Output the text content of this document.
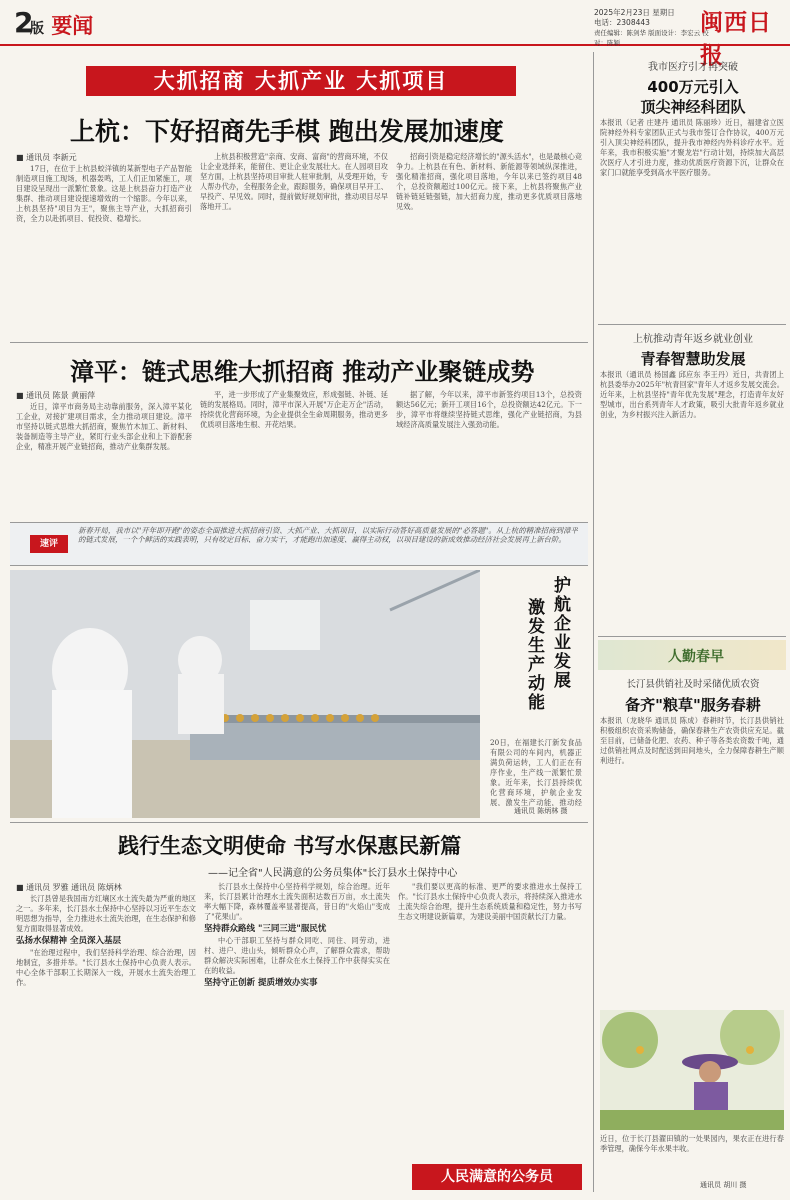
2
版 要闻
2025年2月23日 星期日
电话：2308443
责任编辑：陈剑华 版面设计：李宏云 校对：陈颖
闽西日报
大抓招商 大抓产业 大抓项目
上杭：下好招商先手棋 跑出发展加速度
■ 通讯员 李新元

17日，在位于上杭县蛟洋镇的某新型电子产品智能制造项目施工现场，机器轰鸣，工人们正加紧施工，项目建设呈现出一派繁忙景象。这是上杭县奋力打造产业集群、推动项目建设提速增效的一个缩影。今年以来，上杭县坚持"项目为王"，聚焦主导产业，大抓招商引资，全力以赴抓项目、促投资、稳增长。

上杭县积极营造"亲商、安商、富商"的营商环境，不仅让企业选择来，能留住、更让企业发展壮大。在人园项目攻坚方面，上杭县坚持项目审批人驻审批制，从受理开始，专人帮办代办，全程服务企业，跟踪服务，确保项目早开工、早投产、早见效。同时，提前做好规划审批，推动项目尽早落地开工。

招商引资是稳定经济增长的"源头活水"，也是最核心竞争力。上杭县在有色、新材料、新能源等领域纵深推进，强化精准招商，强化项目落地，今年以来已签约项目48个，总投资额超过100亿元。接下来，上杭县将聚焦产业链补链延链强链，加大招商力度，推动更多优质项目落地见效。

漳平：链式思维大抓招商 推动产业聚链成势
■ 通讯员 陈景 黄丽萍

近日，漳平市商务局主动靠前服务，深入漳平某化工企业，对接扩建项目需求，全力推动项目建设。漳平市坚持以链式思维大抓招商，聚焦竹木加工、新材料、装备制造等主导产业，紧盯行业头部企业和上下游配套企业，精准开展产业链招商，推动产业集群发展。

平，进一步形成了产业集聚效应，形成强链、补链、延链的发展格局。同时，漳平市深入开展"万企走万企"活动，持续优化营商环境，为企业提供全生命周期服务，推动更多优质项目落地生根、开花结果。

据了解，今年以来，漳平市新签约项目13个，总投资额达56亿元；新开工项目16个，总投资额达42亿元。下一步，漳平市将继续坚持链式思维，强化产业链招商，为县域经济高质量发展注入强劲动能。

速评
新春开局，我市以"开年即开跑"的姿态全面推进大抓招商引资、大抓产业、大抓项目，以实际行动答好高质量发展的"必答题"。从上杭的精准招商到漳平的链式发展，一个个鲜活的实践表明，只有咬定目标、奋力实干，才能跑出加速度、赢得主动权，以项目建设的新成效推动经济社会发展再上新台阶。
护航企业发展
激发生产动能
20日，在福建长汀新发食品有限公司的车间内，机器正满负荷运转，工人们正在有序作业，生产线一派繁忙景象。近年来，长汀县持续优化营商环境，护航企业发展，激发生产动能，推动经
通讯员 陈炳林 摄
践行生态文明使命 书写水保惠民新篇
——记全省"人民满意的公务员集体"长汀县水土保持中心
■ 通讯员 罗雅 通讯员 陈炳林

长汀县曾是我国南方红壤区水土流失最为严重的地区之一。多年来，长汀县水土保持中心坚持以习近平生态文明思想为指导，全力推进水土流失治理，在生态保护和修复方面取得显著成效。

弘扬水保精神 全员深入基层

"在治理过程中，我们坚持科学治理、综合治理，因地制宜，多措并举。"长汀县水土保持中心负责人表示。中心全体干部职工长期深入一线，开展水土流失治理工作。

长汀县水土保持中心坚持科学规划，综合治理。近年来，长汀县累计治理水土流失面积达数百万亩，水土流失率大幅下降，森林覆盖率显著提高，昔日的"火焰山"变成了"花果山"。

坚持群众路线 "三同三进"服民忧

中心干部职工坚持与群众同吃、同住、同劳动，进村、进户、进山头，倾听群众心声，了解群众需求，帮助群众解决实际困难，让群众在水土保持工作中获得实实在在的收益。

坚持守正创新 提质增效办实事

"我们要以更高的标准、更严的要求推进水土保持工作。"长汀县水土保持中心负责人表示，将持续深入推进水土流失综合治理，提升生态系统质量和稳定性，努力书写生态文明建设新篇章，为建设美丽中国贡献长汀力量。

人民满意的公务员
我市医疗引才再突破
400万元引入
顶尖神经科团队
本报讯（记者 庄建丹 通讯员 陈丽珍）近日，福建省立医院神经外科专家团队正式与我市签订合作协议，400万元引入顶尖神经科团队，提升我市神经内外科诊疗水平。近年来，我市积极实施"才聚龙岩"行动计划，持续加大高层次医疗人才引进力度，推动优质医疗资源下沉，让群众在家门口就能享受到高水平医疗服务。
上杭推动青年返乡就业创业
青春智慧助发展
本报讯（通讯员 杨国鑫 邱应东 李王丹）近日，共青团上杭县委举办2025年"杭青回家"青年人才返乡发展交流会。近年来，上杭县坚持"青年优先发展"理念，打造青年友好型城市，出台系列青年人才政策，吸引大批青年返乡就业创业，为乡村振兴注入新活力。
人勤春早
长汀县供销社及时采储优质农资
备齐"粮草"服务春耕
本报讯（龙晓华 通讯员 陈成）春耕时节，长汀县供销社积极组织农资采购储备，确保春耕生产农资供应充足。截至目前，已储备化肥、农药、种子等各类农资数千吨，通过供销社网点及时配送到田间地头，全力保障春耕生产顺利进行。
近日，位于长汀县濯田镇的一处果园内，果农正在进行春季管理，确保今年水果丰收。
通讯员 胡川 摄
